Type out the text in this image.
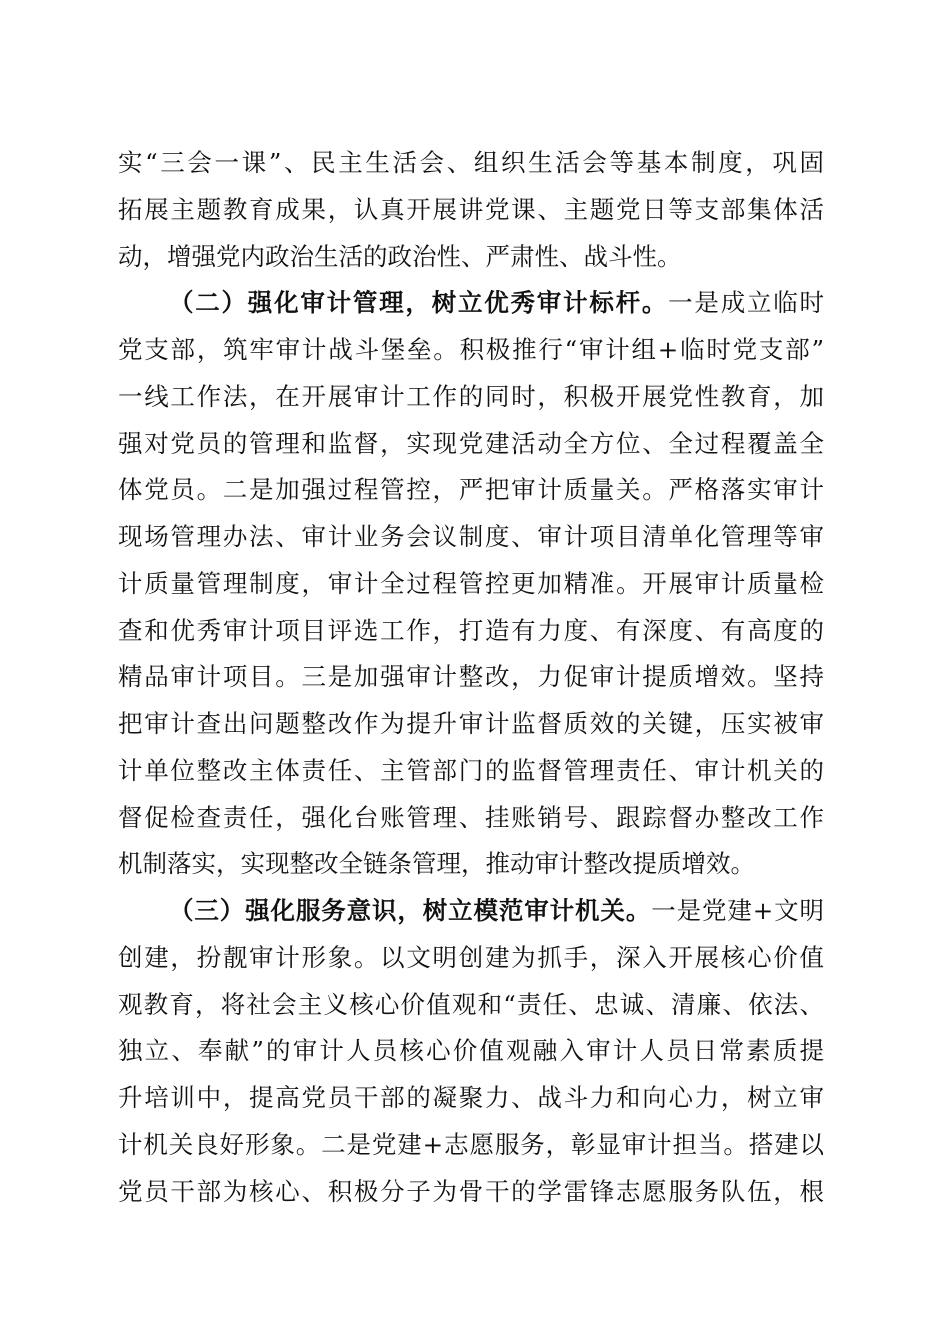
实“三会一课”、民主生活会、组织生活会等基本制度，巩固
拓展主题教育成果，认真开展讲党课、主题党日等支部集体活
动，增强党内政治生活的政治性、严肃性、战斗性。
（二）强化审计管理，树立优秀审计标杆。一是成立临时
党支部，筑牢审计战斗堡垒。积极推行“审计组+临时党支部”
一线工作法，在开展审计工作的同时，积极开展党性教育，加
强对党员的管理和监督，实现党建活动全方位、全过程覆盖全
体党员。二是加强过程管控，严把审计质量关。严格落实审计
现场管理办法、审计业务会议制度、审计项目清单化管理等审
计质量管理制度，审计全过程管控更加精准。开展审计质量检
查和优秀审计项目评选工作，打造有力度、有深度、有高度的
精品审计项目。三是加强审计整改，力促审计提质增效。坚持
把审计查出问题整改作为提升审计监督质效的关键，压实被审
计单位整改主体责任、主管部门的监督管理责任、审计机关的
督促检查责任，强化台账管理、挂账销号、跟踪督办整改工作
机制落实，实现整改全链条管理，推动审计整改提质增效。
（三）强化服务意识，树立模范审计机关。一是党建+文明
创建，扮靓审计形象。以文明创建为抓手，深入开展核心价值
观教育，将社会主义核心价值观和“责任、忠诚、清廉、依法、
独立、奉献”的审计人员核心价值观融入审计人员日常素质提
升培训中，提高党员干部的凝聚力、战斗力和向心力，树立审
计机关良好形象。二是党建+志愿服务，彰显审计担当。搭建以
党员干部为核心、积极分子为骨干的学雷锋志愿服务队伍，根
